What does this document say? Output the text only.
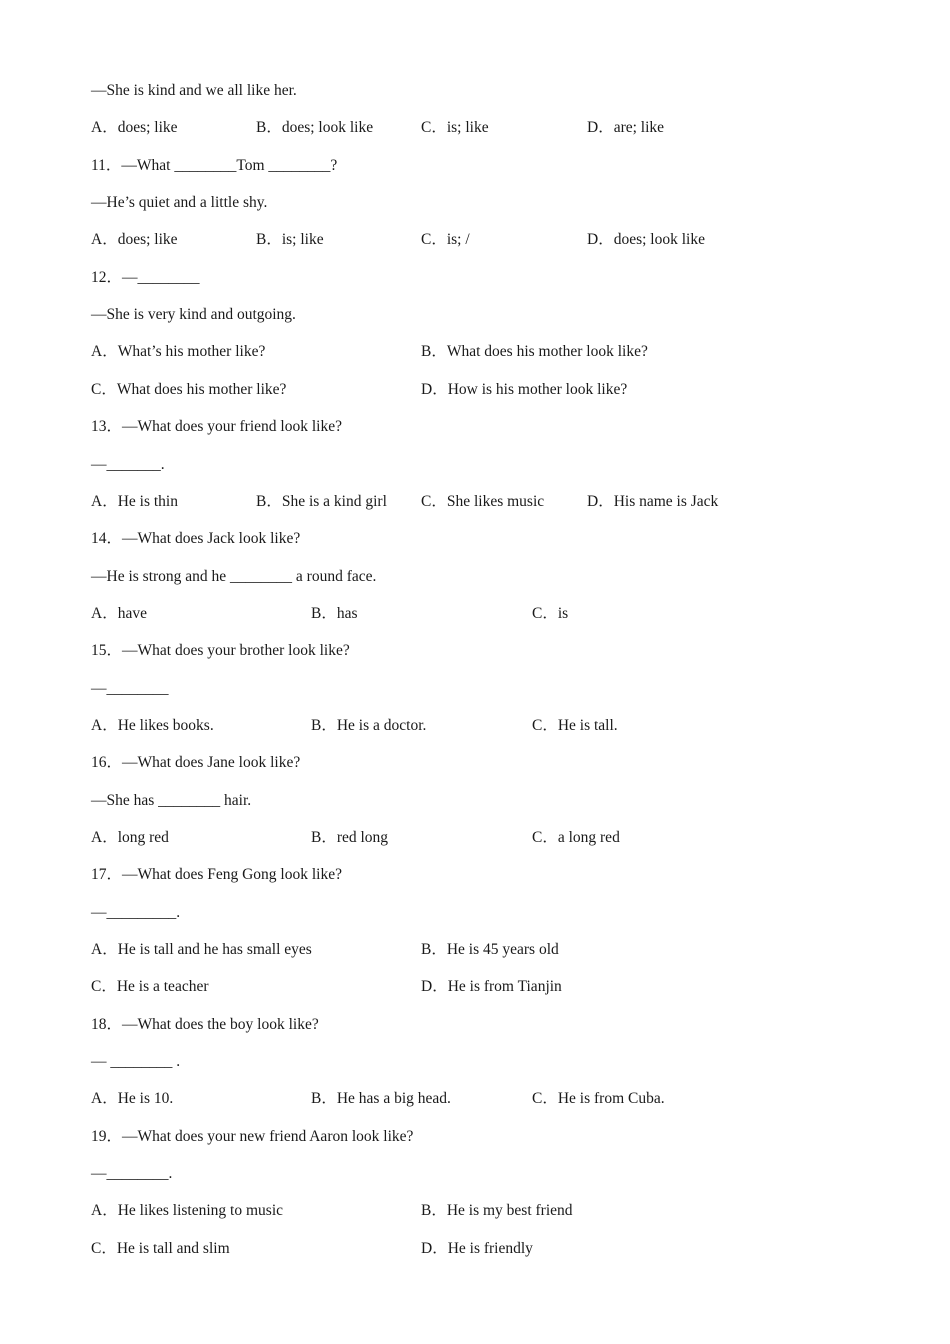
—She is kind and we all like her.
A．does; like	B．does; look like	C．is; like	D．are; like
11．—What ________Tom ________?
—He’s quiet and a little shy.
A．does; like	B．is; like	C．is; /	D．does; look like
12．—________
—She is very kind and outgoing.
A．What’s his mother like?	B．What does his mother look like?
C．What does his mother like?	D．How is his mother look like?
13．—What does your friend look like?
—_______.
A．He is thin	B．She is a kind girl C．She likes music	D．His name is Jack
14．—What does Jack look like?
—He is strong and he ________ a round face.
A．have	B．has	C．is
15．—What does your brother look like?
—________
A．He likes books.	B．He is a doctor.	C．He is tall.
16．—What does Jane look like?
—She has ________ hair.
A．long red	B．red long	C．a long red
17．—What does Feng Gong look like?
—_________.
A．He is tall and he has small eyes	B．He is 45 years old
C．He is a teacher	D．He is from Tianjin
18．—What does the boy look like?
— ________ .
A．He is 10.	B．He has a big head.	C．He is from Cuba.
19．—What does your new friend Aaron look like?
—________.
A．He likes listening to music	B．He is my best friend
C．He is tall and slim	D．He is friendly
